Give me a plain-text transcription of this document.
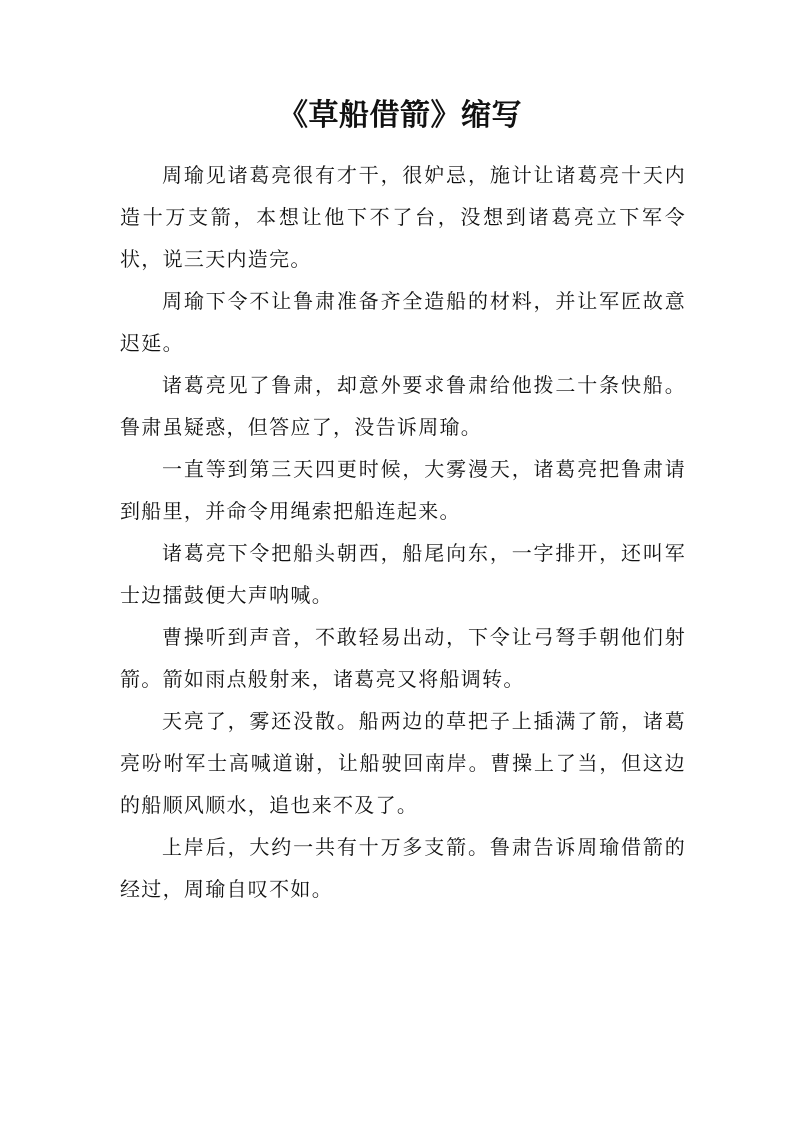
《草船借箭》缩写

周瑜见诸葛亮很有才干，很妒忌，施计让诸葛亮十天内造十万支箭，本想让他下不了台，没想到诸葛亮立下军令状，说三天内造完。

周瑜下令不让鲁肃准备齐全造船的材料，并让军匠故意迟延。

诸葛亮见了鲁肃，却意外要求鲁肃给他拨二十条快船。鲁肃虽疑惑，但答应了，没告诉周瑜。

一直等到第三天四更时候，大雾漫天，诸葛亮把鲁肃请到船里，并命令用绳索把船连起来。

诸葛亮下令把船头朝西，船尾向东，一字排开，还叫军士边擂鼓便大声呐喊。

曹操听到声音，不敢轻易出动，下令让弓弩手朝他们射箭。箭如雨点般射来，诸葛亮又将船调转。

天亮了，雾还没散。船两边的草把子上插满了箭，诸葛亮吩咐军士高喊道谢，让船驶回南岸。曹操上了当，但这边的船顺风顺水，追也来不及了。

上岸后，大约一共有十万多支箭。鲁肃告诉周瑜借箭的经过，周瑜自叹不如。
